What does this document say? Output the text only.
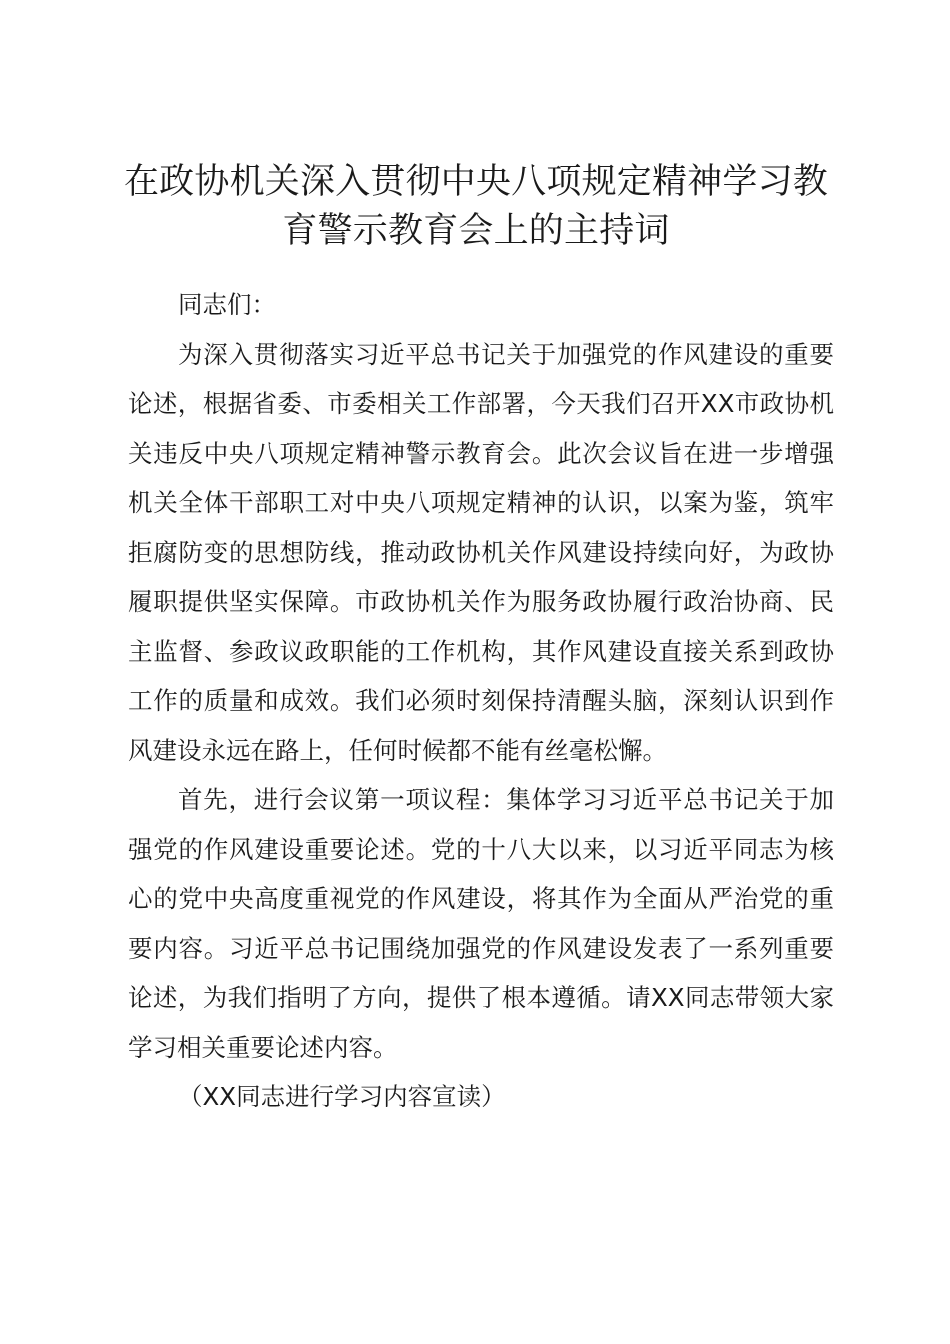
在政协机关深入贯彻中央八项规定精神学习教育警示教育会上的主持词

同志们：

为深入贯彻落实习近平总书记关于加强党的作风建设的重要论述，根据省委、市委相关工作部署，今天我们召开XX市政协机关违反中央八项规定精神警示教育会。此次会议旨在进一步增强机关全体干部职工对中央八项规定精神的认识，以案为鉴，筑牢拒腐防变的思想防线，推动政协机关作风建设持续向好，为政协履职提供坚实保障。市政协机关作为服务政协履行政治协商、民主监督、参政议政职能的工作机构，其作风建设直接关系到政协工作的质量和成效。我们必须时刻保持清醒头脑，深刻认识到作风建设永远在路上，任何时候都不能有丝毫松懈。

首先，进行会议第一项议程：集体学习习近平总书记关于加强党的作风建设重要论述。党的十八大以来，以习近平同志为核心的党中央高度重视党的作风建设，将其作为全面从严治党的重要内容。习近平总书记围绕加强党的作风建设发表了一系列重要论述，为我们指明了方向，提供了根本遵循。请XX同志带领大家学习相关重要论述内容。

（XX同志进行学习内容宣读）
